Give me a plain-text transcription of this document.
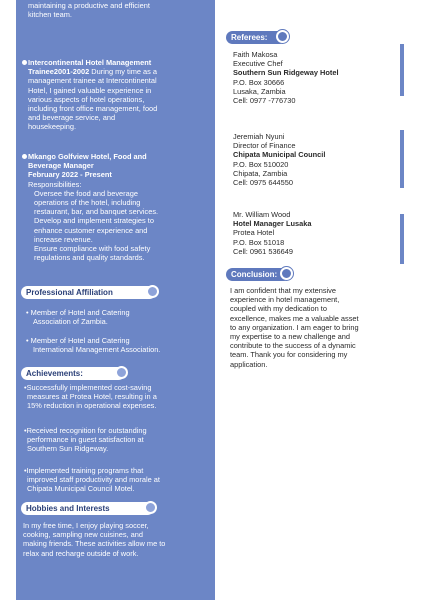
maintaining a productive and efficient
kitchen team.
Intercontinental Hotel Management
Trainee2001-2002 During my time as a
management trainee at Intercontinental
Hotel, I gained valuable experience in
various aspects of hotel operations,
including front office management, food
and beverage service, and
housekeeping.
Mkango Golfview Hotel, Food and
Beverage Manager
February 2022 - Present
Responsibilities:
Oversee the food and beverage
operations of the hotel, including
restaurant, bar, and banquet services.
Develop and implement strategies to
enhance customer experience and
increase revenue.
Ensure compliance with food safety
regulations and quality standards.
Professional Affiliation
• Member of Hotel and Catering
Association of Zambia.
• Member of Hotel and Catering
International Management Association.
Achievements:
•Successfully implemented cost-saving
measures at Protea Hotel, resulting in a
15% reduction in operational expenses.
•Received recognition for outstanding
performance in guest satisfaction at
Southern Sun Ridgeway.
•Implemented training programs that
improved staff productivity and morale at
Chipata Municipal Council Motel.
Hobbies and Interests
In my free time, I enjoy playing soccer,
cooking, sampling new cuisines, and
making friends. These activities allow me to
relax and recharge outside of work.
Referees:
Faith Makosa
Executive Chef
Southern Sun Ridgeway Hotel
P.O. Box 30666
Lusaka, Zambia
Cell: 0977 -776730
Jeremiah Nyuni
Director of Finance
Chipata Municipal Council
P.O. Box 510020
Chipata, Zambia
Cell: 0975 644550
Mr. William Wood
Hotel Manager Lusaka
Protea Hotel
P.O. Box 51018
Cell: 0961 536649
Conclusion:
I am confident that my extensive
experience in hotel management,
coupled with my dedication to
excellence, makes me a valuable asset
to any organization. I am eager to bring
my expertise to a new challenge and
contribute to the success of a dynamic
team. Thank you for considering my
application.
